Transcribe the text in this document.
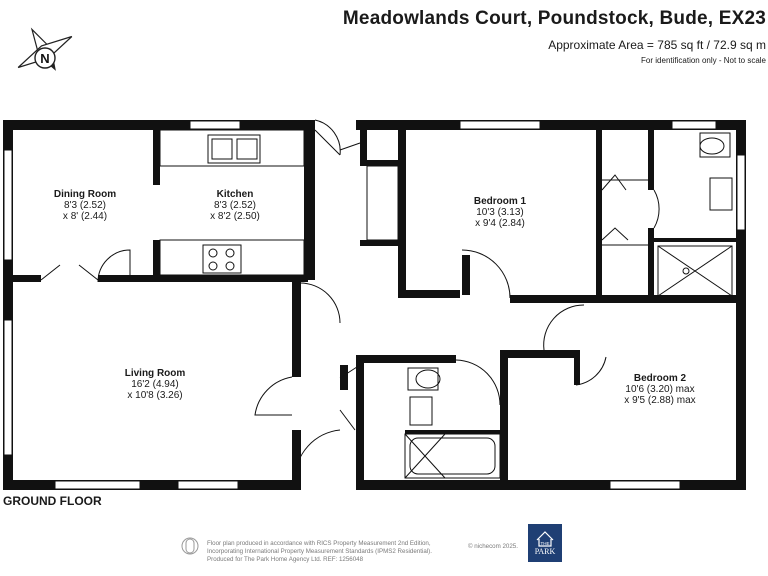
N
Meadowlands Court, Poundstock, Bude, EX23
Approximate Area = 785 sq ft / 72.9 sq m
For identification only - Not to scale
Dining Room
8'3 (2.52)
x 8' (2.44)
Kitchen
8'3 (2.52)
x 8'2 (2.50)
Bedroom 1
10'3 (3.13)
x 9'4 (2.84)
Living Room
16'2 (4.94)
x 10'8 (3.26)
Bedroom 2
10'6 (3.20) max
x 9'5 (2.88) max
GROUND FLOOR
Floor plan produced in accordance with RICS Property Measurement 2nd Edition,
Incorporating International Property Measurement Standards (IPMS2 Residential).
Produced for The Park Home Agency Ltd. REF: 1256048
© nichecom 2025.	THE
PARK
